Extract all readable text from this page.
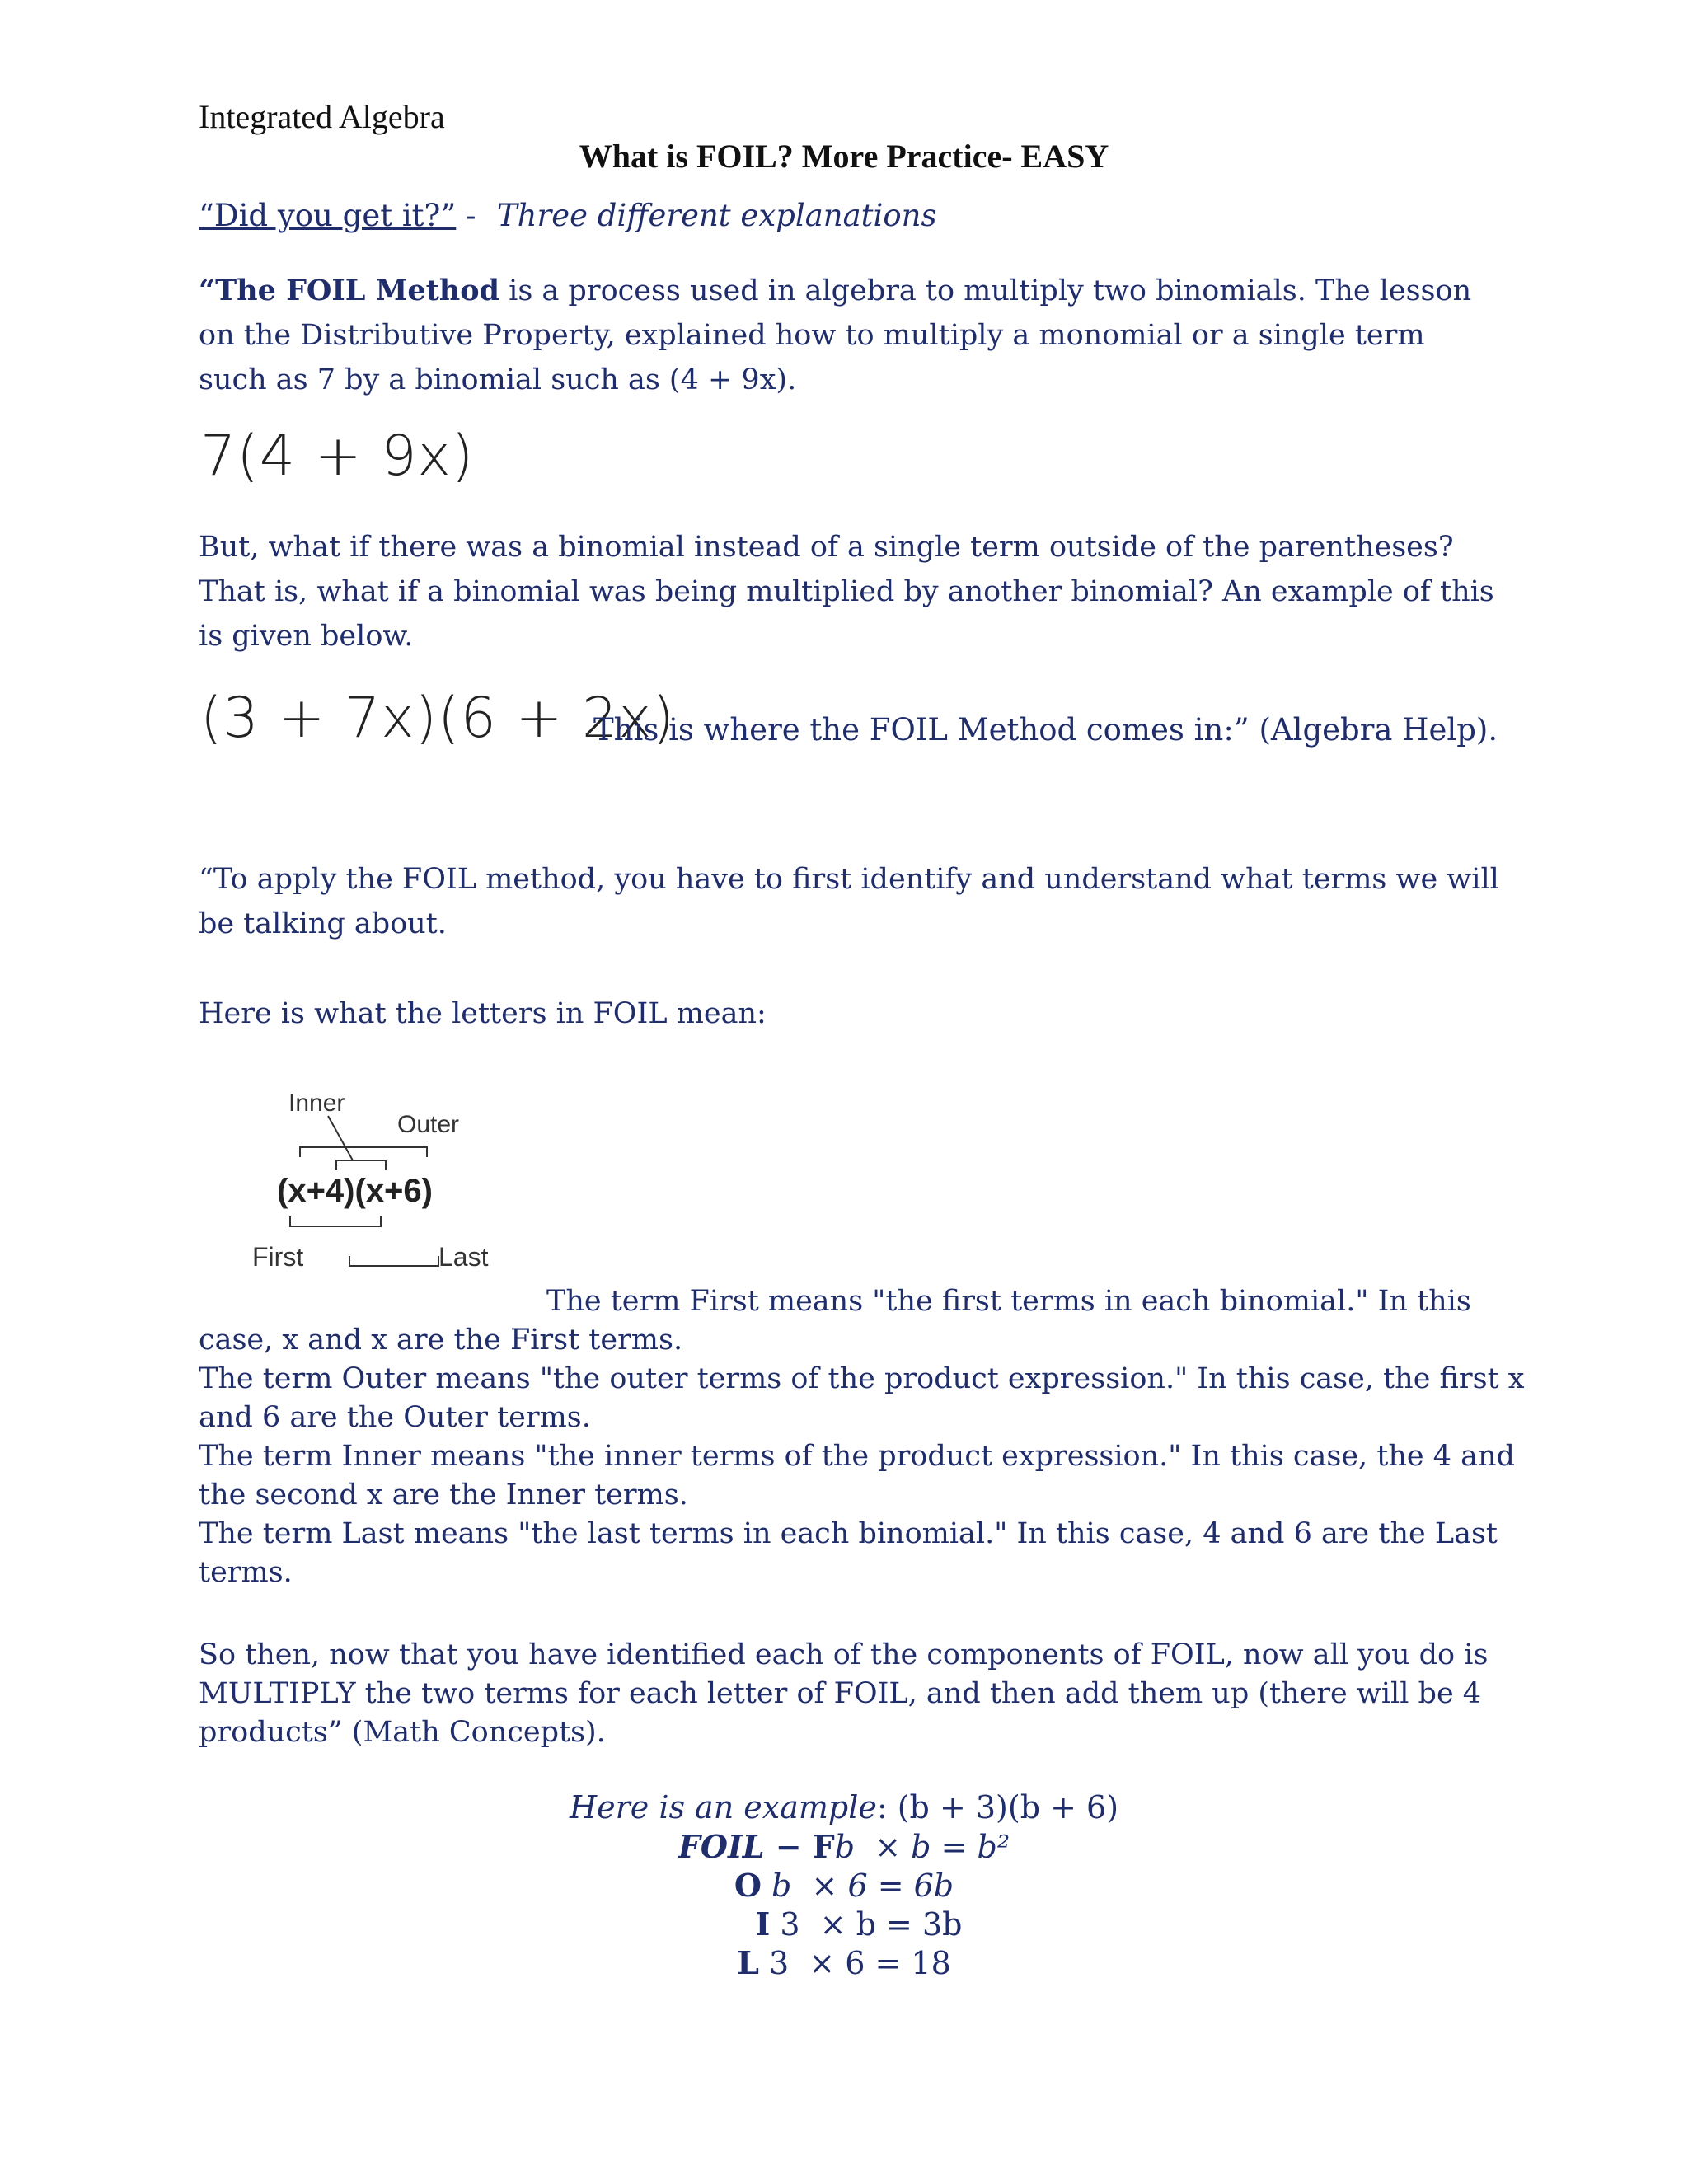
Integrated Algebra
What is FOIL? More Practice- EASY
“Did you get it?” - Three different explanations
“The FOIL Method is a process used in algebra to multiply two binomials. The lesson on the Distributive Property, explained how to multiply a monomial or a single term such as 7 by a binomial such as (4 + 9x).
7(4 + 9x)
But, what if there was a binomial instead of a single term outside of the parentheses? That is, what if a binomial was being multiplied by another binomial? An example of this is given below.
(3 + 7x)(6 + 2x)
This is where the FOIL Method comes in:” (Algebra Help).
“To apply the FOIL method, you have to first identify and understand what terms we will be talking about.
Here is what the letters in FOIL mean:
Inner
Outer
(x+4)(x+6)
First	Last
The term First means "the first terms in each binomial." In this case, x and x are the First terms.
The term Outer means "the outer terms of the product expression." In this case, the first x and 6 are the Outer terms.
The term Inner means "the inner terms of the product expression." In this case, the 4 and the second x are the Inner terms.
The term Last means "the last terms in each binomial." In this case, 4 and 6 are the Last terms.
So then, now that you have identified each of the components of FOIL, now all you do is MULTIPLY the two terms for each letter of FOIL, and then add them up (there will be 4 products” (Math Concepts).
Here is an example: (b + 3)(b + 6)
FOIL − Fb  × b = b²
O b  × 6 = 6b
I 3  × b = 3b
L 3  × 6 = 18
